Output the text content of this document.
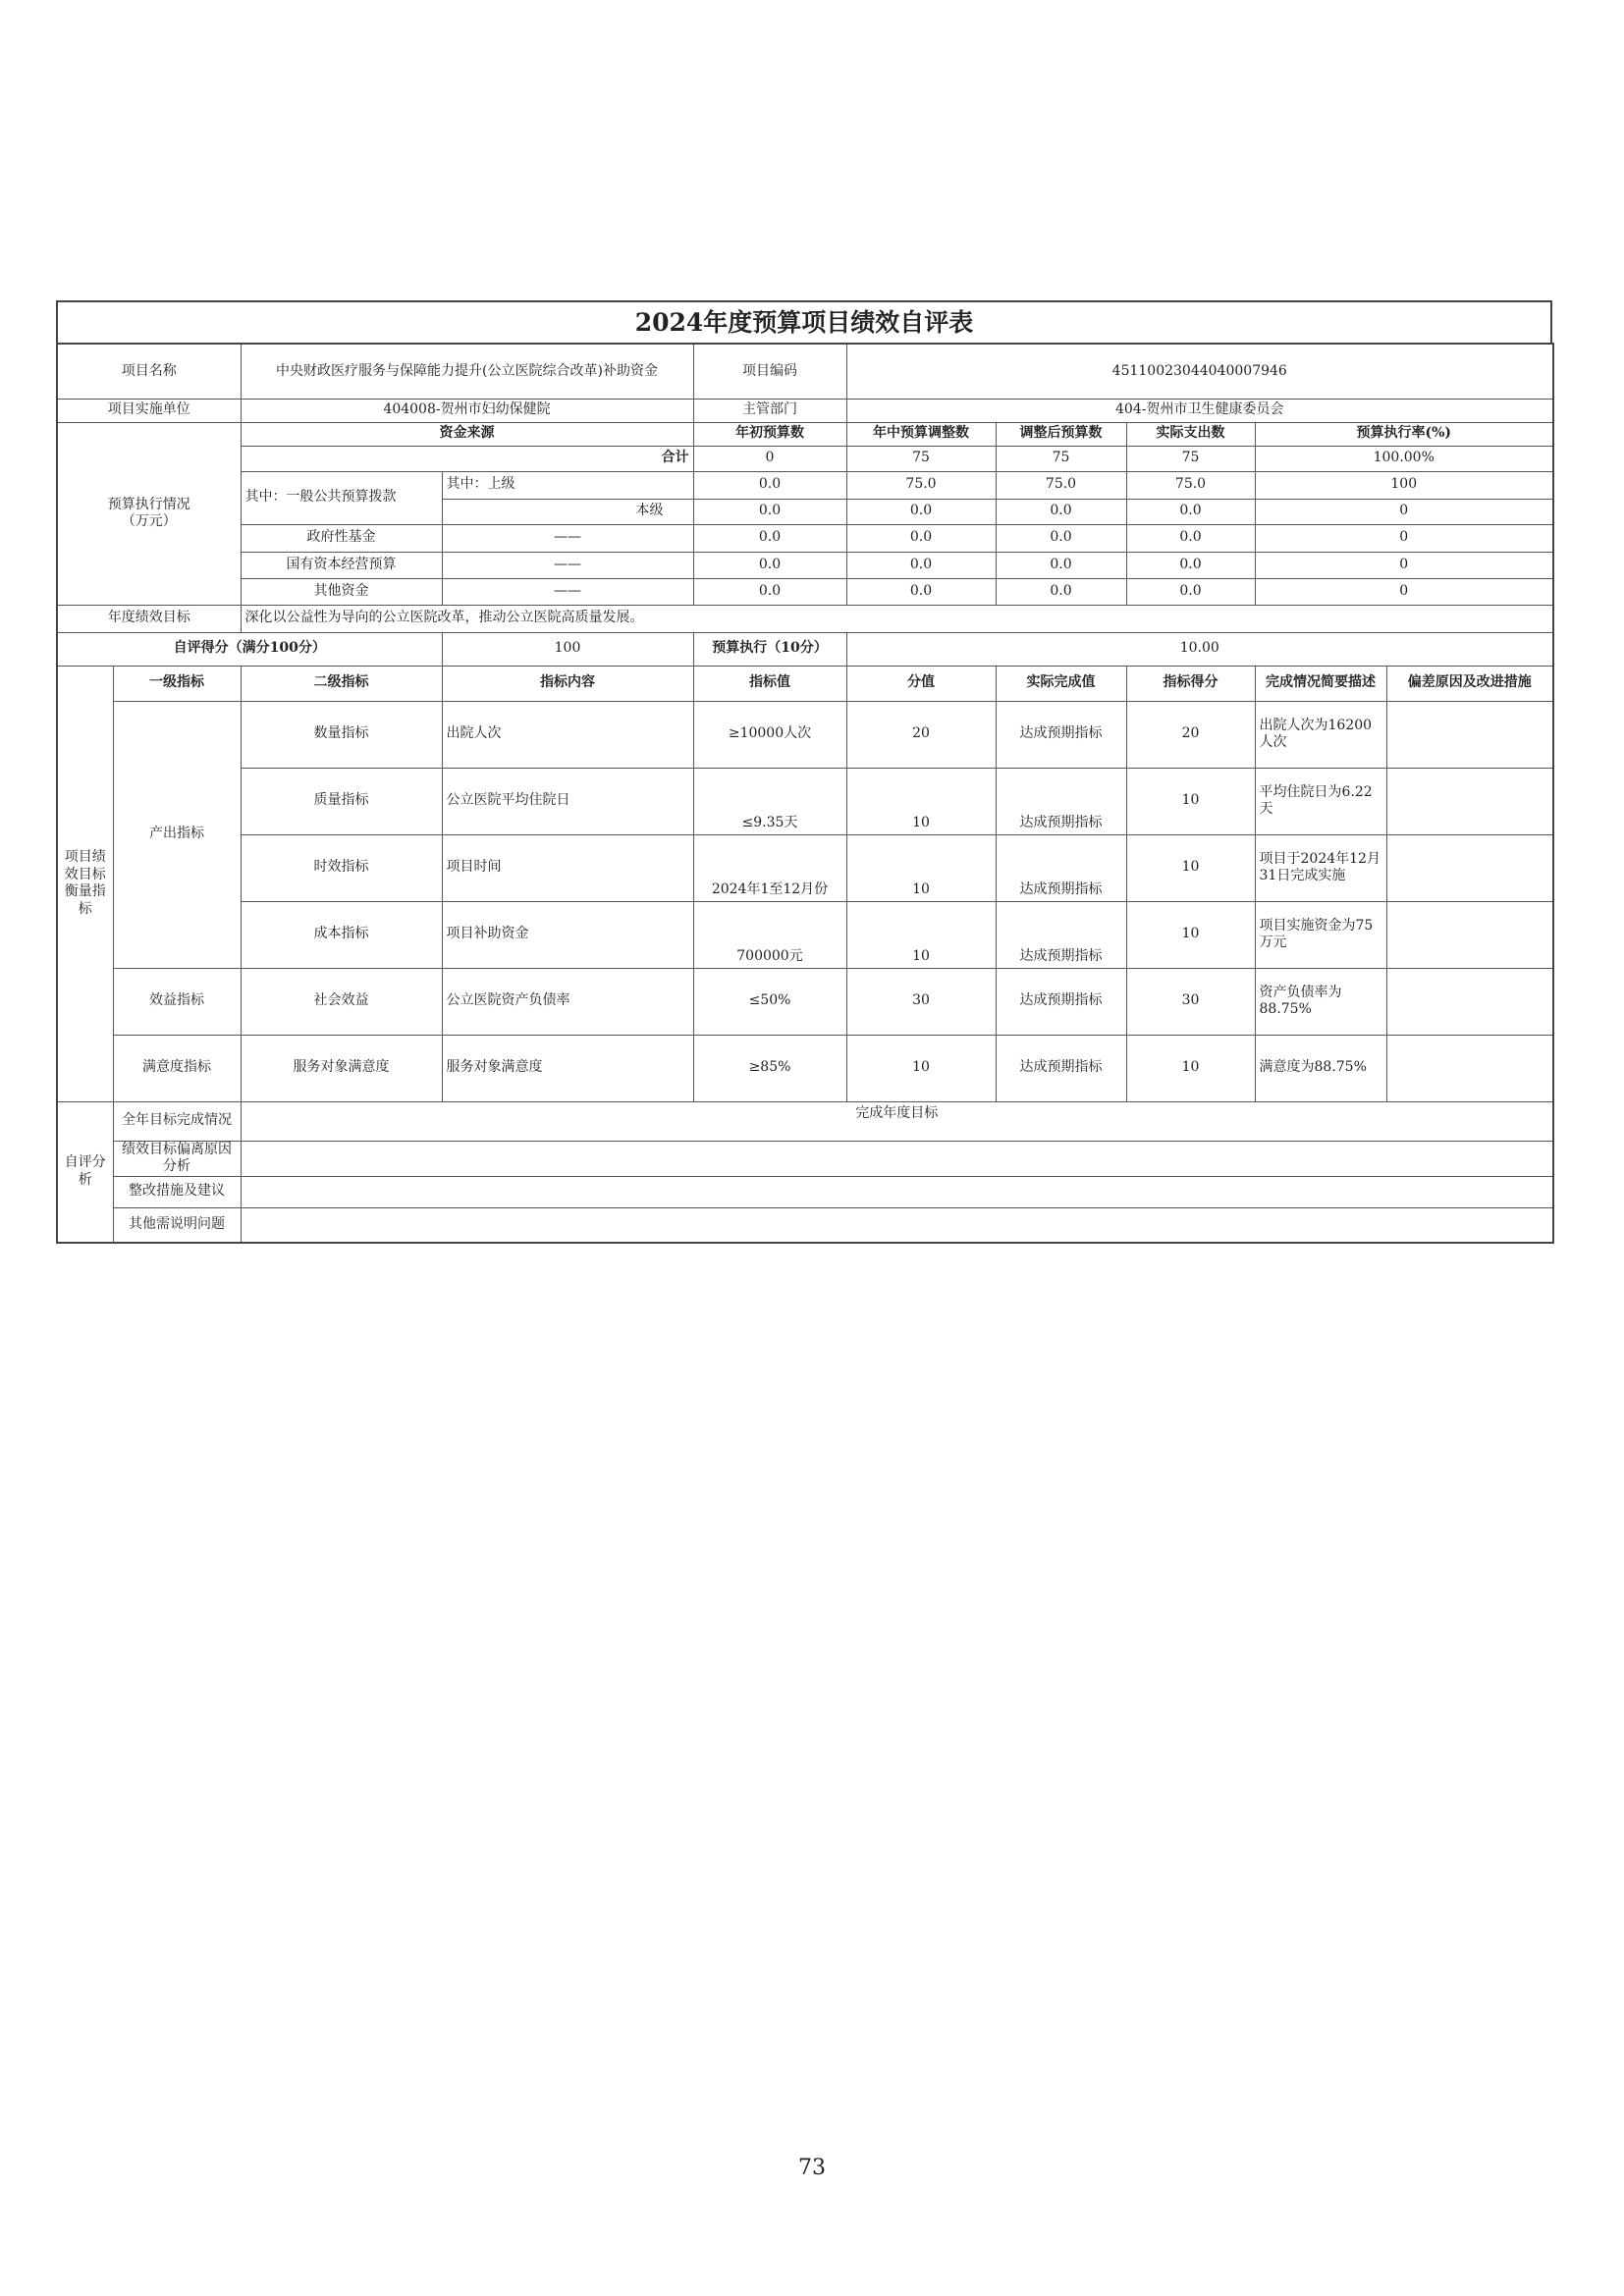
2024年度预算项目绩效自评表
项目名称		中央财政医疗服务与保障能力提升(公立医院综合改革)补助资金		项目编码	45110023044040007946				
项目实施单位		404008-贺州市妇幼保健院		主管部门	404-贺州市卫生健康委员会				
预算执行情况（万元）		资金来源		年初预算数	年中预算调整数	调整后预算数	实际支出数	预算执行率(%)	
		合计		0	75	75	75	100.00%	
		其中：一般公共预算拨款	其中：上级	0.0	75.0	75.0	75.0	100	
			本级	0.0	0.0	0.0	0.0	0	
		政府性基金	——	0.0	0.0	0.0	0.0	0	
		国有资本经营预算	——	0.0	0.0	0.0	0.0	0	
		其他资金	——	0.0	0.0	0.0	0.0	0	
年度绩效目标		深化以公益性为导向的公立医院改革，推动公立医院高质量发展。							
自评得分（满分100分）			100	预算执行（10分）	10.00				
项目绩效目标衡量指标	一级指标	二级指标	指标内容	指标值	分值	实际完成值	指标得分	完成情况简要描述	偏差原因及改进措施
	产出指标	数量指标	出院人次	≥10000人次	20	达成预期指标	20	出院人次为16200人次	
		质量指标	公立医院平均住院日	≤9.35天	10	达成预期指标	10	平均住院日为6.22天	
		时效指标	项目时间	2024年1至12月份	10	达成预期指标	10	项目于2024年12月31日完成实施	
		成本指标	项目补助资金	700000元	10	达成预期指标	10	项目实施资金为75万元	
	效益指标	社会效益	公立医院资产负债率	≤50%	30	达成预期指标	30	资产负债率为88.75%	
	满意度指标	服务对象满意度	服务对象满意度	≥85%	10	达成预期指标	10	满意度为88.75%	
自评分析	全年目标完成情况	完成年度目标							
	绩效目标偏离原因分析								
	整改措施及建议								
	其他需说明问题								
73
